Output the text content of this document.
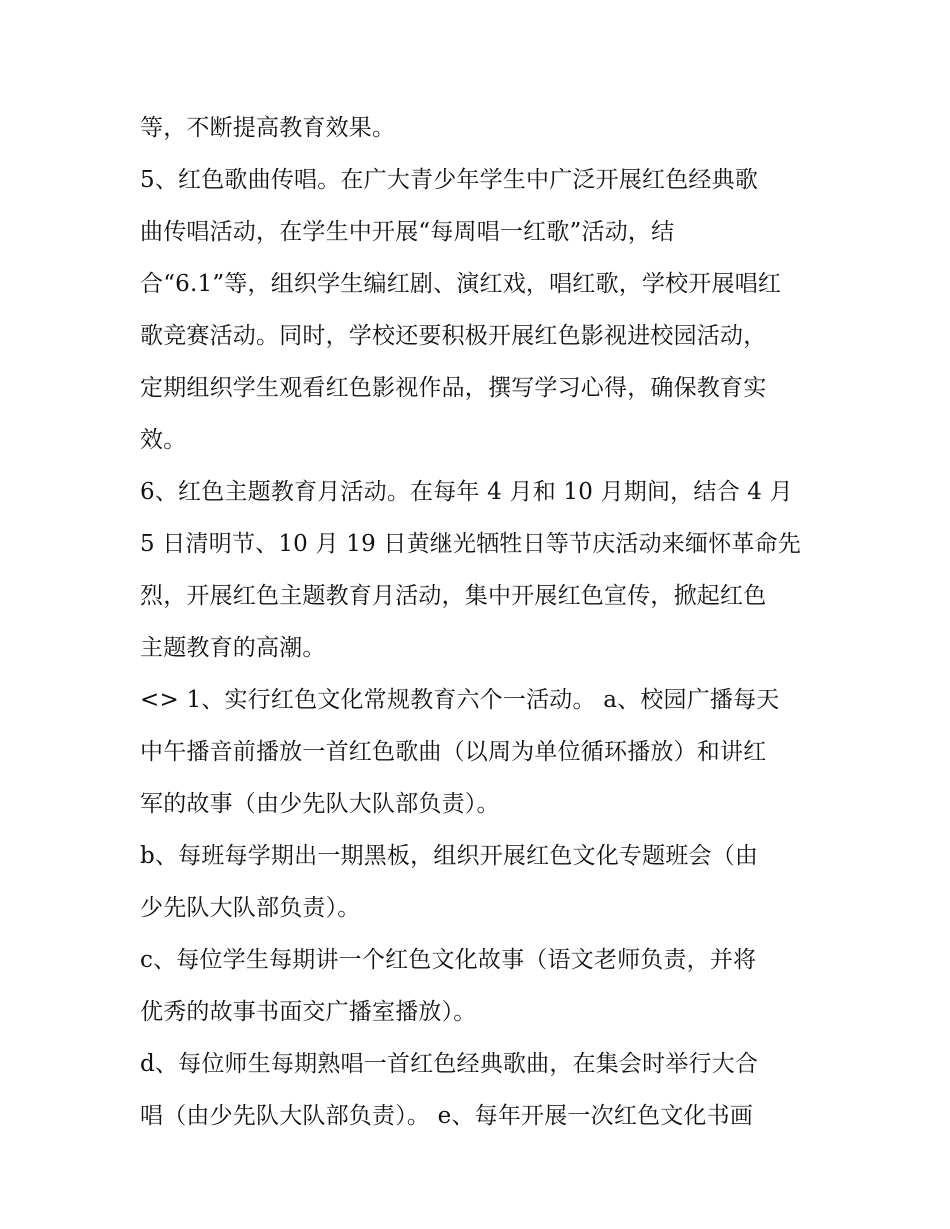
等，不断提高教育效果。
5、红色歌曲传唱。在广大青少年学生中广泛开展红色经典歌
曲传唱活动，在学生中开展“每周唱一红歌”活动，结
合“6.1”等，组织学生编红剧、演红戏，唱红歌，学校开展唱红
歌竞赛活动。同时，学校还要积极开展红色影视进校园活动，
定期组织学生观看红色影视作品，撰写学习心得，确保教育实
效。
6、红色主题教育月活动。在每年 4 月和 10 月期间，结合 4 月
5 日清明节、10 月 19 日黄继光牺牲日等节庆活动来缅怀革命先
烈，开展红色主题教育月活动，集中开展红色宣传，掀起红色
主题教育的高潮。
<> 1、实行红色文化常规教育六个一活动。 a、校园广播每天
中午播音前播放一首红色歌曲（以周为单位循环播放）和讲红
军的故事（由少先队大队部负责）。
b、每班每学期出一期黑板，组织开展红色文化专题班会（由
少先队大队部负责）。
c、每位学生每期讲一个红色文化故事（语文老师负责，并将
优秀的故事书面交广播室播放）。
d、每位师生每期熟唱一首红色经典歌曲，在集会时举行大合
唱（由少先队大队部负责）。 e、每年开展一次红色文化书画
